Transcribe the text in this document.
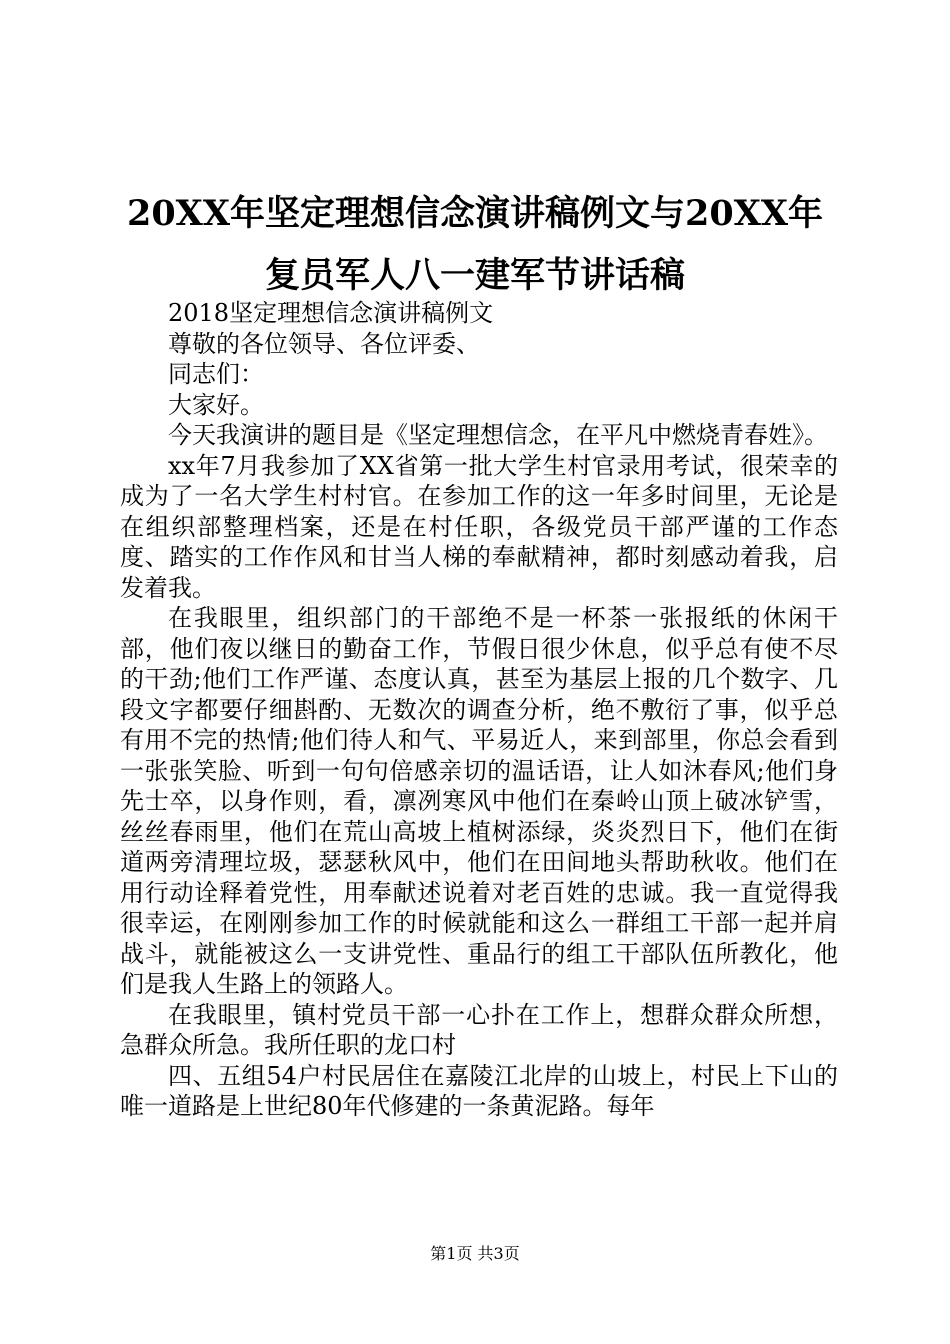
20XX年坚定理想信念演讲稿例文与20XX年复员军人八一建军节讲话稿

2018坚定理想信念演讲稿例文

尊敬的各位领导、各位评委、

同志们：

大家好。

今天我演讲的题目是《坚定理想信念，在平凡中燃烧青春姓》。

xx年7月我参加了XX省第一批大学生村官录用考试，很荣幸的成为了一名大学生村村官。在参加工作的这一年多时间里，无论是在组织部整理档案，还是在村任职，各级党员干部严谨的工作态度、踏实的工作作风和甘当人梯的奉献精神，都时刻感动着我，启发着我。

在我眼里，组织部门的干部绝不是一杯茶一张报纸的休闲干部，他们夜以继日的勤奋工作，节假日很少休息，似乎总有使不尽的干劲;他们工作严谨、态度认真，甚至为基层上报的几个数字、几段文字都要仔细斟酌、无数次的调查分析，绝不敷衍了事，似乎总有用不完的热情;他们待人和气、平易近人，来到部里，你总会看到一张张笑脸、听到一句句倍感亲切的温话语，让人如沐春风;他们身先士卒，以身作则，看，凛冽寒风中他们在秦岭山顶上破冰铲雪，丝丝春雨里，他们在荒山高坡上植树添绿，炎炎烈日下，他们在街道两旁清理垃圾，瑟瑟秋风中，他们在田间地头帮助秋收。他们在用行动诠释着党性，用奉献述说着对老百姓的忠诚。我一直觉得我很幸运，在刚刚参加工作的时候就能和这么一群组工干部一起并肩战斗，就能被这么一支讲党性、重品行的组工干部队伍所教化，他们是我人生路上的领路人。

在我眼里，镇村党员干部一心扑在工作上，想群众群众所想，急群众所急。我所任职的龙口村

四、五组54户村民居住在嘉陵江北岸的山坡上，村民上下山的唯一道路是上世纪80年代修建的一条黄泥路。每年

第1页 共3页
